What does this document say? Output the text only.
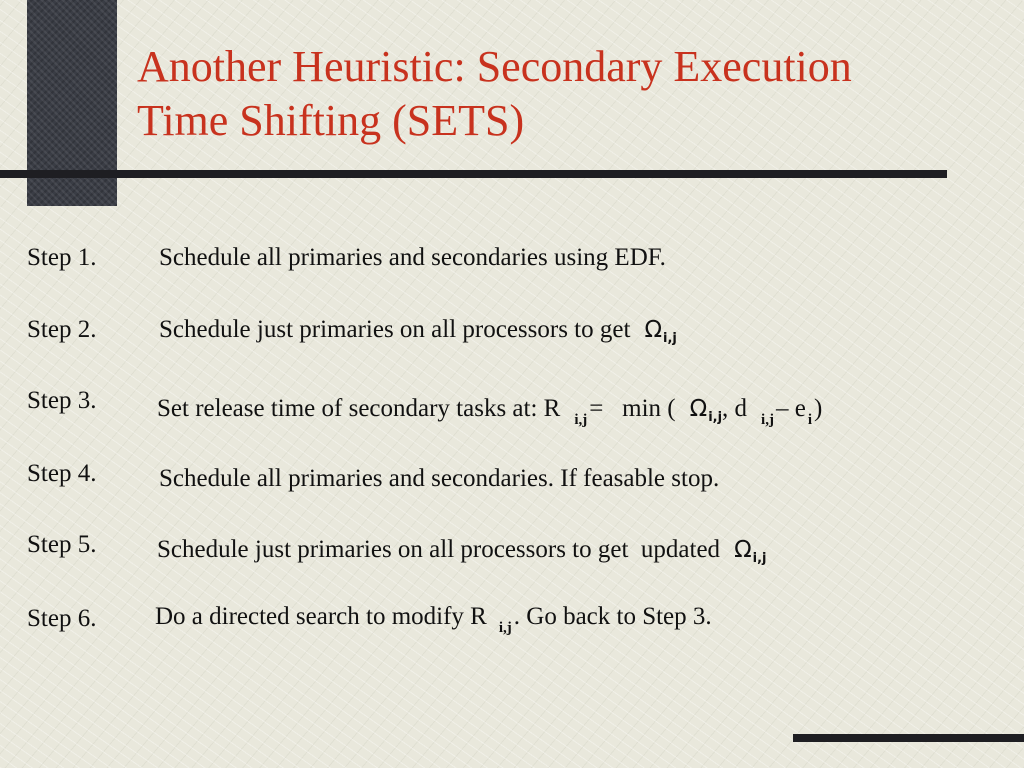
Another Heuristic: Secondary Execution
Time Shifting (SETS)
Step 1.	Schedule all primaries and secondaries using EDF.
Step 2.	Schedule just primaries on all processors to get $\Omega_{i,j}$
Step 3. Set release time of secondary tasks at: R $_{i,j}$=   min ( $\Omega_{i,j}$, d $_{i,j}$– e $_i$)
Step 4.	Schedule all primaries and secondaries. If feasable stop.
Step 5. Schedule just primaries on all processors to get  updated $\Omega_{i,j}$
Step 6. Do a directed search to modify R $_{i,j}$. Go back to Step 3.
